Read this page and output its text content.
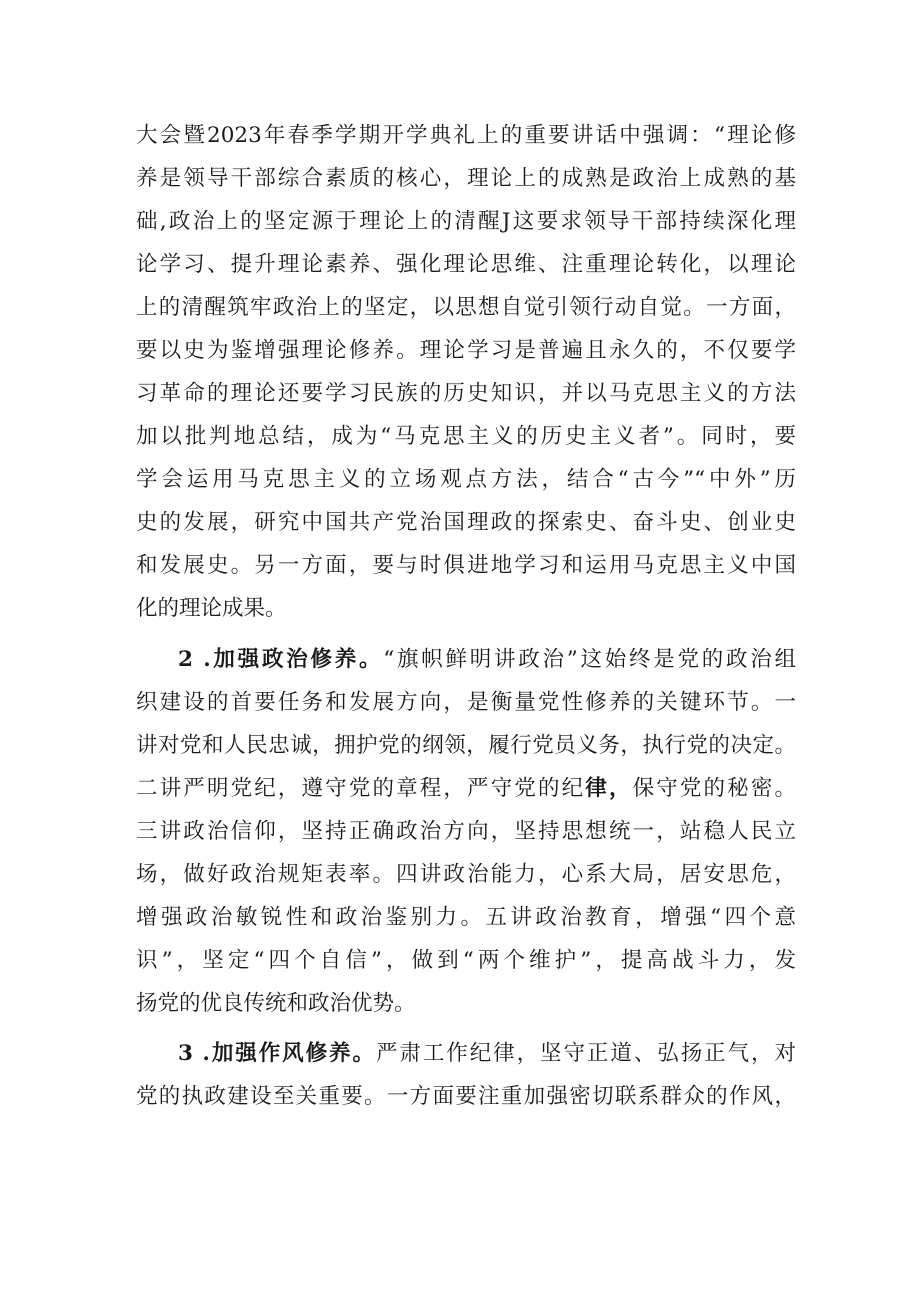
大会暨2023年春季学期开学典礼上的重要讲话中强调：“理论修
养是领导干部综合素质的核心，理论上的成熟是政治上成熟的基
础,政治上的坚定源于理论上的清醒J这要求领导干部持续深化理
论学习、提升理论素养、强化理论思维、注重理论转化，以理论
上的清醒筑牢政治上的坚定，以思想自觉引领行动自觉。一方面，
要以史为鉴增强理论修养。理论学习是普遍且永久的，不仅要学
习革命的理论还要学习民族的历史知识，并以马克思主义的方法
加以批判地总结，成为“马克思主义的历史主义者”。同时，要
学会运用马克思主义的立场观点方法，结合“古今”“中外”历
史的发展，研究中国共产党治国理政的探索史、奋斗史、创业史
和发展史。另一方面，要与时俱进地学习和运用马克思主义中国
化的理论成果。
2 .加强政治修养。“旗帜鲜明讲政治”这始终是党的政治组
织建设的首要任务和发展方向，是衡量党性修养的关键环节。一
讲对党和人民忠诚，拥护党的纲领，履行党员义务，执行党的决定。
二讲严明党纪，遵守党的章程，严守党的纪律，保守党的秘密。
三讲政治信仰，坚持正确政治方向，坚持思想统一，站稳人民立
场，做好政治规矩表率。四讲政治能力，心系大局，居安思危，
增强政治敏锐性和政治鉴别力。五讲政治教育，增强“四个意
识”，坚定“四个自信”，做到“两个维护”，提高战斗力，发
扬党的优良传统和政治优势。
3 .加强作风修养。严肃工作纪律，坚守正道、弘扬正气，对
党的执政建设至关重要。一方面要注重加强密切联系群众的作风，
